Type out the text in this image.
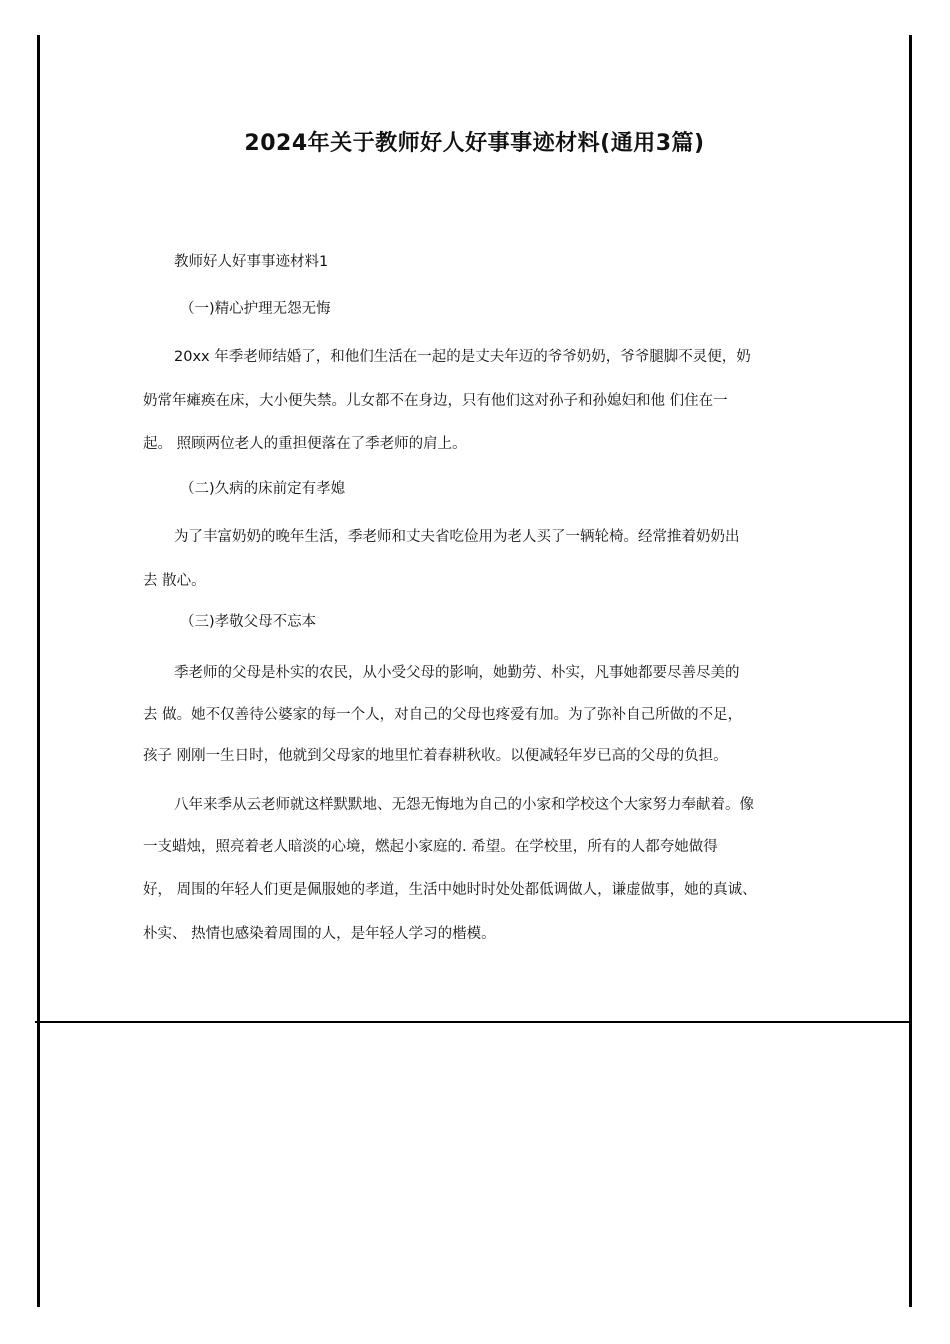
2024年关于教师好人好事事迹材料(通用3篇)
教师好人好事事迹材料1
（一)精心护理无怨无悔
20xx 年季老师结婚了，和他们生活在一起的是丈夫年迈的爷爷奶奶，爷爷腿脚不灵便，奶
奶常年瘫痪在床，大小便失禁。儿女都不在身边，只有他们这对孙子和孙媳妇和他 们住在一
起。 照顾两位老人的重担便落在了季老师的肩上。
（二)久病的床前定有孝媳
为了丰富奶奶的晚年生活，季老师和丈夫省吃俭用为老人买了一辆轮椅。经常推着奶奶出
去 散心。
（三)孝敬父母不忘本
季老师的父母是朴实的农民，从小受父母的影响，她勤劳、朴实，凡事她都要尽善尽美的
去 做。她不仅善待公婆家的每一个人，对自己的父母也疼爱有加。为了弥补自己所做的不足，
孩子 刚刚一生日时，他就到父母家的地里忙着春耕秋收。以便减轻年岁已高的父母的负担。
八年来季从云老师就这样默默地、无怨无悔地为自己的小家和学校这个大家努力奉献着。像
一支蜡烛，照亮着老人暗淡的心境，燃起小家庭的. 希望。在学校里，所有的人都夸她做得
好， 周围的年轻人们更是佩服她的孝道，生活中她时时处处都低调做人，谦虚做事，她的真诚、
朴实、 热情也感染着周围的人，是年轻人学习的楷模。
